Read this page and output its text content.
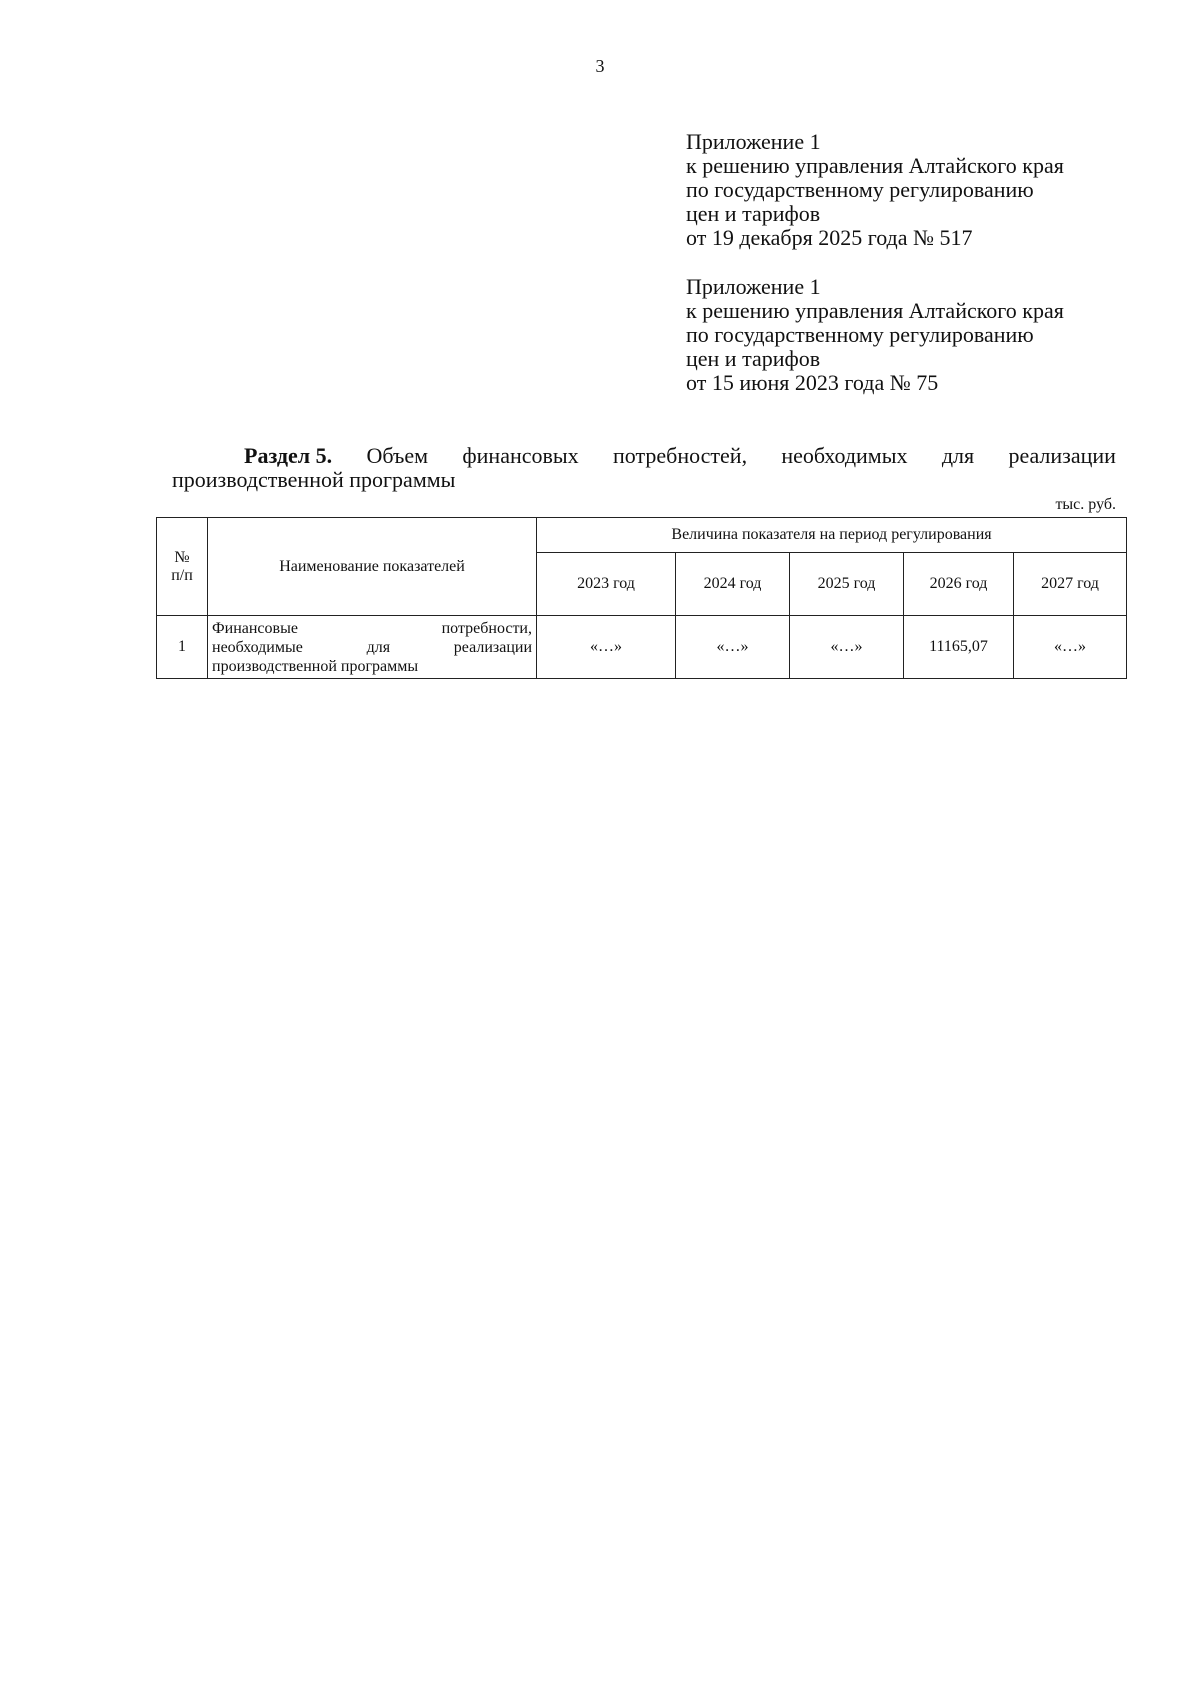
3
Приложение 1
к решению управления Алтайского края
по государственному регулированию
цен и тарифов
от 19 декабря 2025 года № 517
Приложение 1
к решению управления Алтайского края
по государственному регулированию
цен и тарифов
от 15 июня 2023 года № 75
Раздел 5. Объем финансовых потребностей, необходимых для реализации
производственной программы
тыс. руб.
№
п/п	Наименование показателей	Величина показателя на период регулирования				
		2023 год	2024 год	2025 год	2026 год	2027 год
1	Финансовые потребности,
необходимые для реализации
производственной программы	«…»	«…»	«…»	11165,07	«…»
